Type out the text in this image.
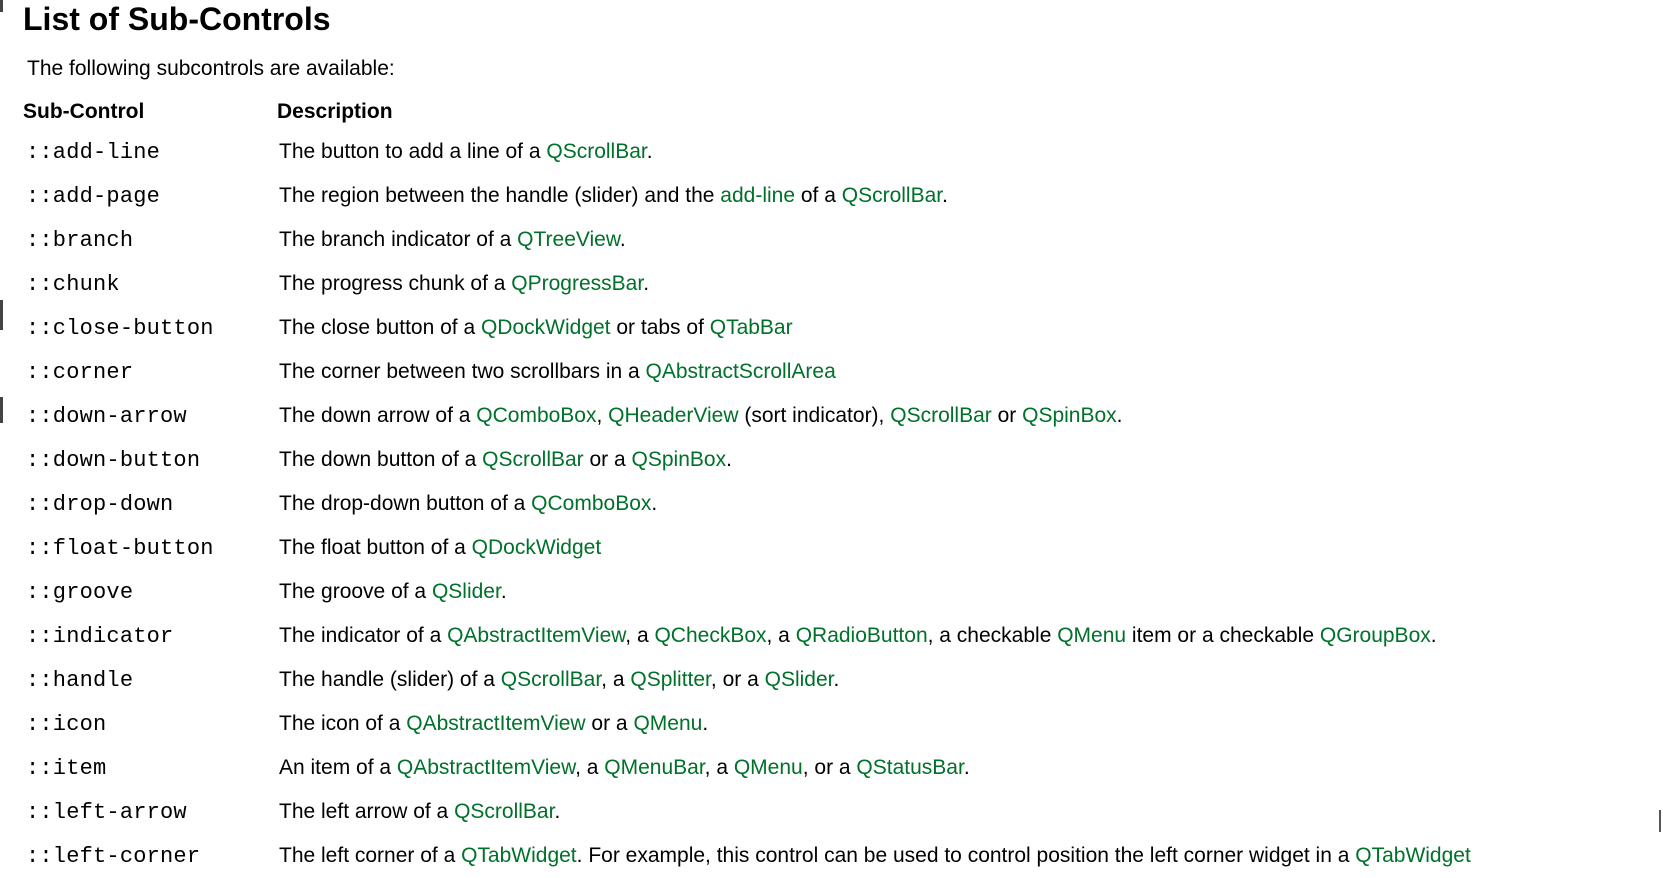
List of Sub-Controls

The following subcontrols are available:

Sub-Control	Description
::add-line	The button to add a line of a QScrollBar.
::add-page	The region between the handle (slider) and the add-line of a QScrollBar.
::branch	The branch indicator of a QTreeView.
::chunk	The progress chunk of a QProgressBar.
::close-button	The close button of a QDockWidget or tabs of QTabBar
::corner	The corner between two scrollbars in a QAbstractScrollArea
::down-arrow	The down arrow of a QComboBox, QHeaderView (sort indicator), QScrollBar or QSpinBox.
::down-button	The down button of a QScrollBar or a QSpinBox.
::drop-down	The drop-down button of a QComboBox.
::float-button	The float button of a QDockWidget
::groove	The groove of a QSlider.
::indicator	The indicator of a QAbstractItemView, a QCheckBox, a QRadioButton, a checkable QMenu item or a checkable QGroupBox.
::handle	The handle (slider) of a QScrollBar, a QSplitter, or a QSlider.
::icon	The icon of a QAbstractItemView or a QMenu.
::item	An item of a QAbstractItemView, a QMenuBar, a QMenu, or a QStatusBar.
::left-arrow	The left arrow of a QScrollBar.
::left-corner	The left corner of a QTabWidget. For example, this control can be used to control position the left corner widget in a QTabWidget
